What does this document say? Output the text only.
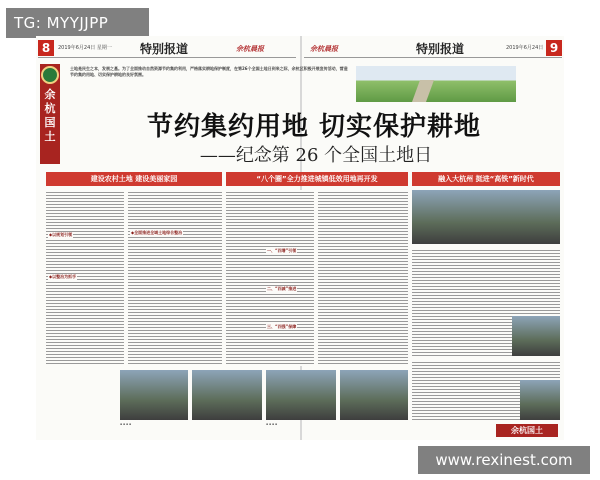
TG: MYYJJPP
8	2019年6月24日 星期一 特别报道	余杭晨报	余杭晨报	特别报道	2019年6月24日 9
余杭国土
土地是民生之本，发展之基。为了全面推动自然资源节约集约利用，严格落实耕地保护制度，在第26个全国土地日到来之际，余杭区积极开展宣传活动，营造节约集约用地、切实保护耕地的良好氛围。
节约集约用地 切实保护耕地
——纪念第 26 个全国土地日
建设农村土地 建设美丽家园	“八个圈”全力推进城镇低效用地再开发	融入大杭州 挺进“高铁”新时代
◆以规划引领
◆以整治为抓手
◆全面推进全域土地综合整治
一、“四增”引领
二、“四减”推进
三、“四强”保障
▪ ▪ ▪ ▪	▪ ▪ ▪ ▪
余杭国土
www.rexinest.com
